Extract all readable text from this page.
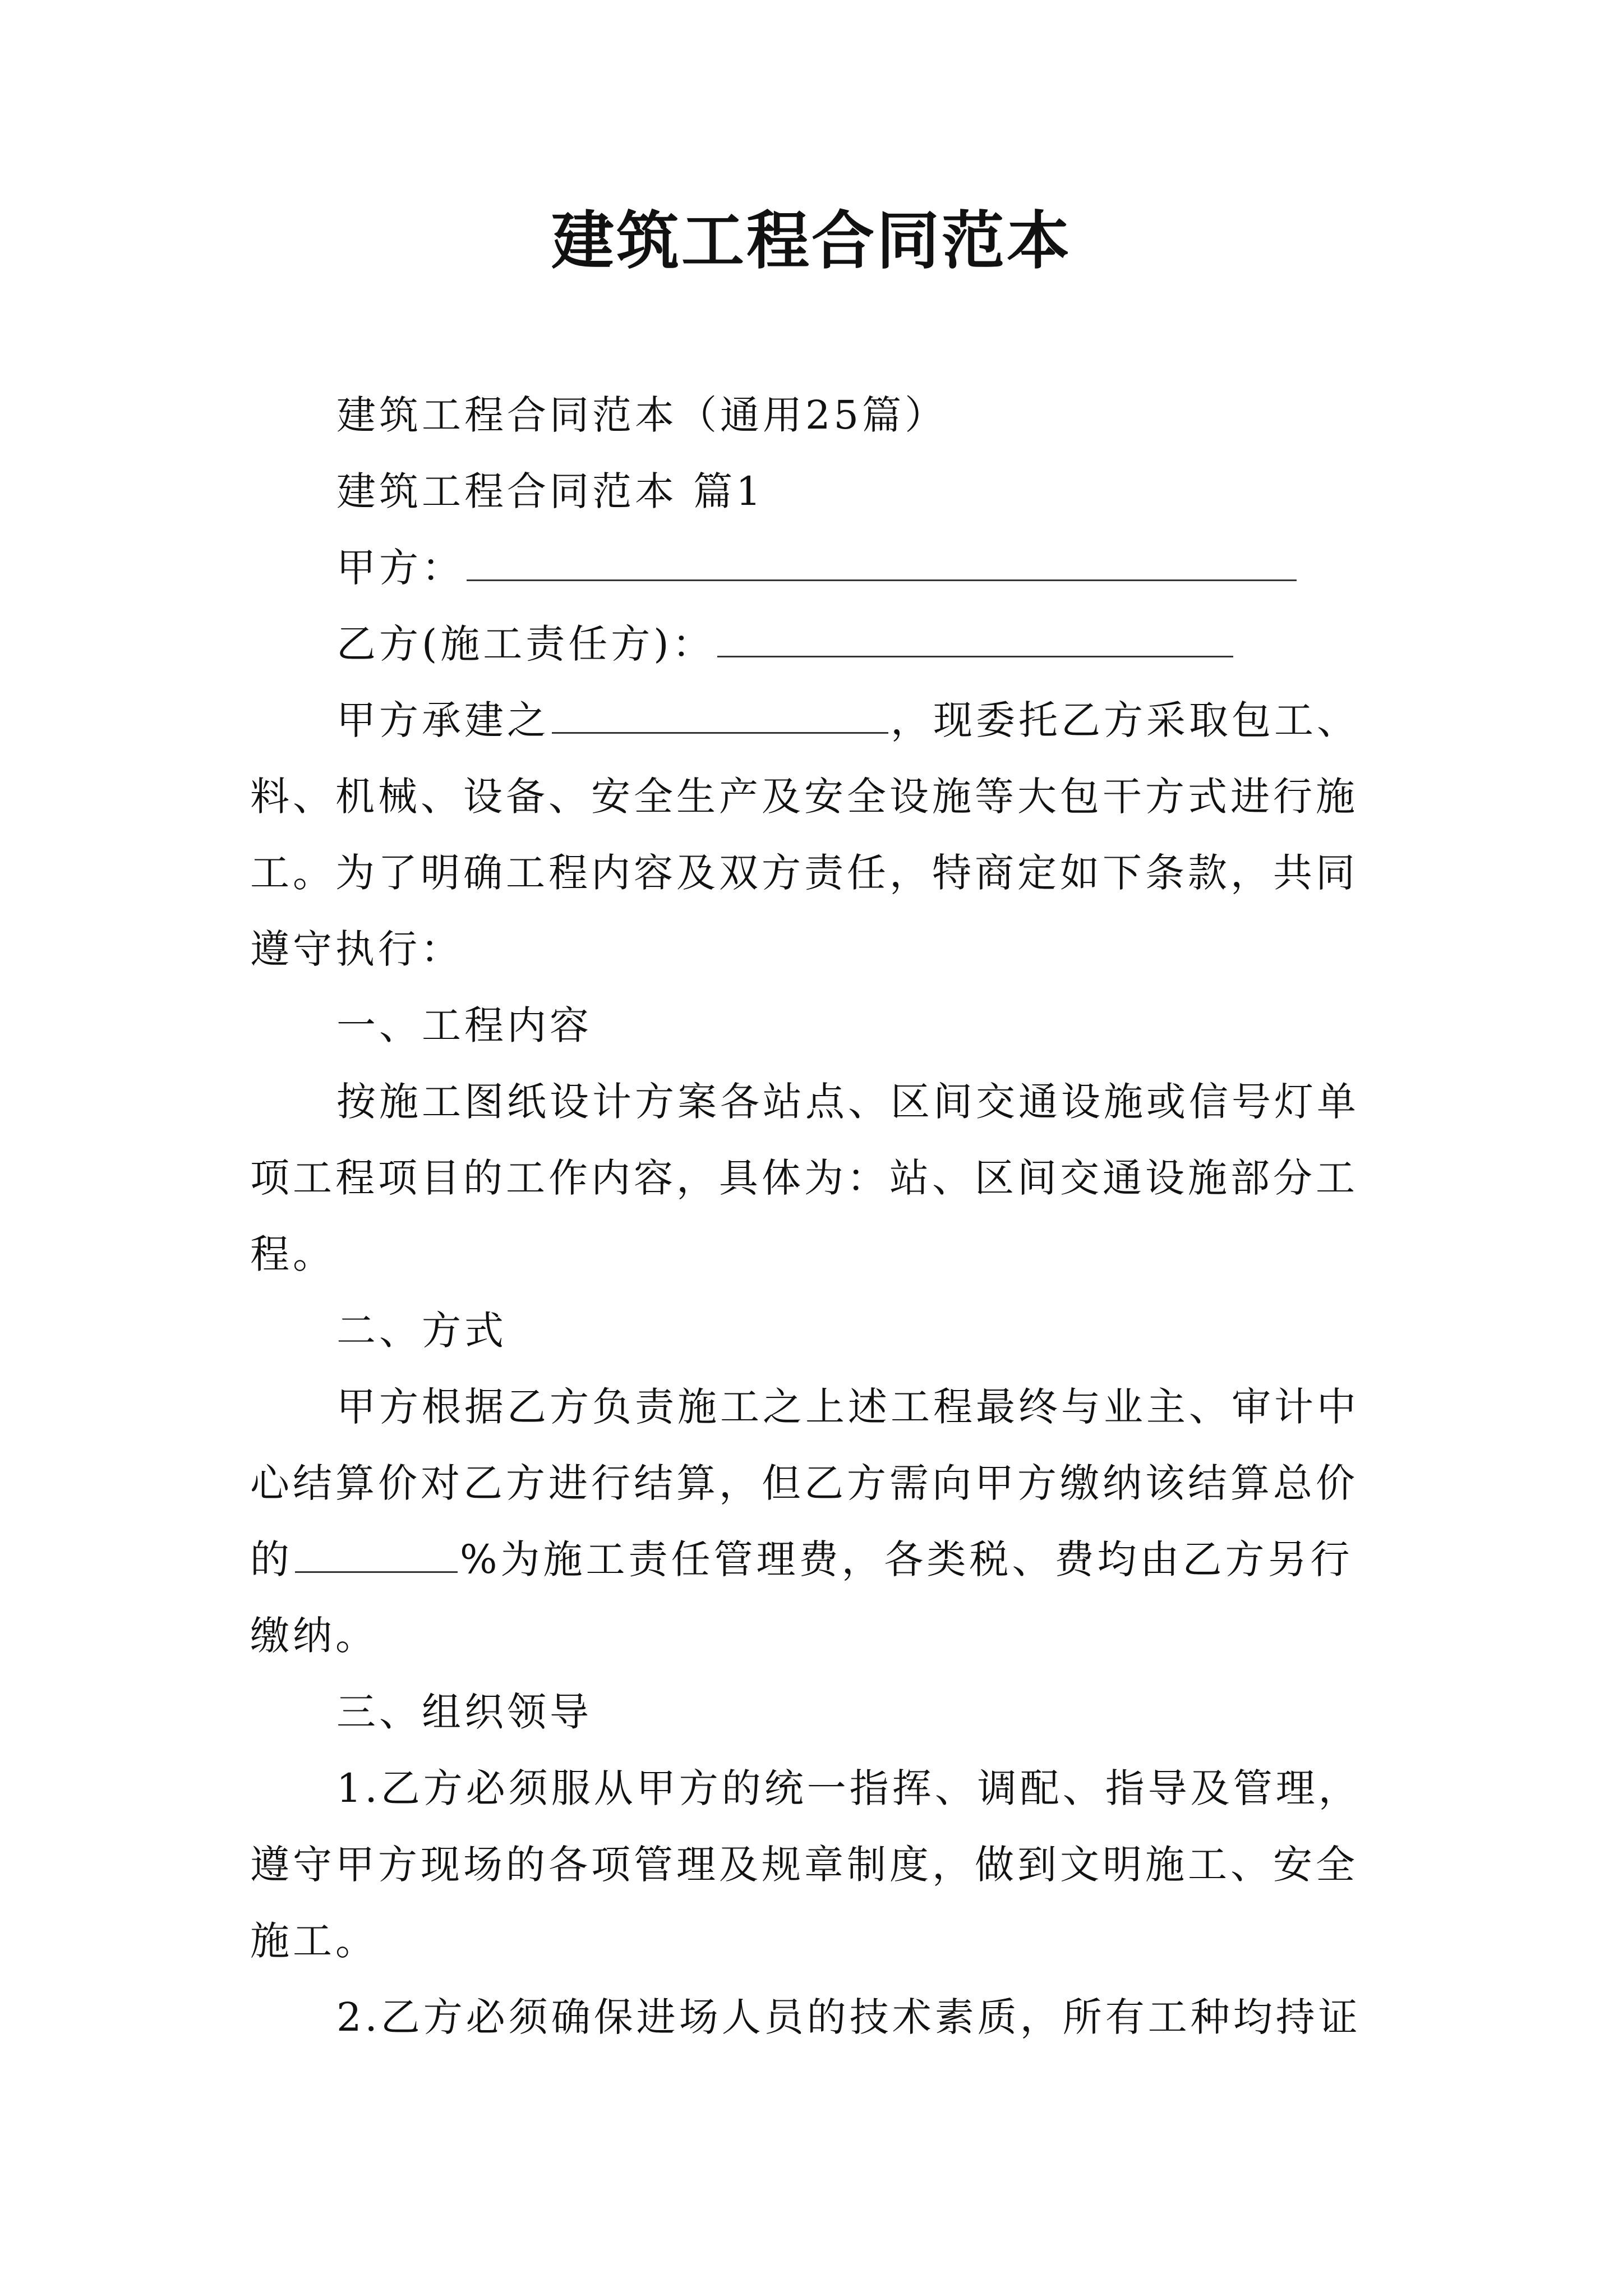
建筑工程合同范本
建筑工程合同范本（通用25篇）
建筑工程合同范本 篇1
甲方：
乙方(施工责任方)：
甲方承建之	，现委托乙方采取包工、
料、机械、设备、安全生产及安全设施等大包干方式进行施
工。为了明确工程内容及双方责任，特商定如下条款，共同
遵守执行：
一、工程内容
按施工图纸设计方案各站点、区间交通设施或信号灯单
项工程项目的工作内容，具体为：站、区间交通设施部分工
程。
二、方式
甲方根据乙方负责施工之上述工程最终与业主、审计中
心结算价对乙方进行结算，但乙方需向甲方缴纳该结算总价
的	%为施工责任管理费，各类税、费均由乙方另行
缴纳。
三、组织领导
1.乙方必须服从甲方的统一指挥、调配、指导及管理，
遵守甲方现场的各项管理及规章制度，做到文明施工、安全
施工。
2.乙方必须确保进场人员的技术素质，所有工种均持证
